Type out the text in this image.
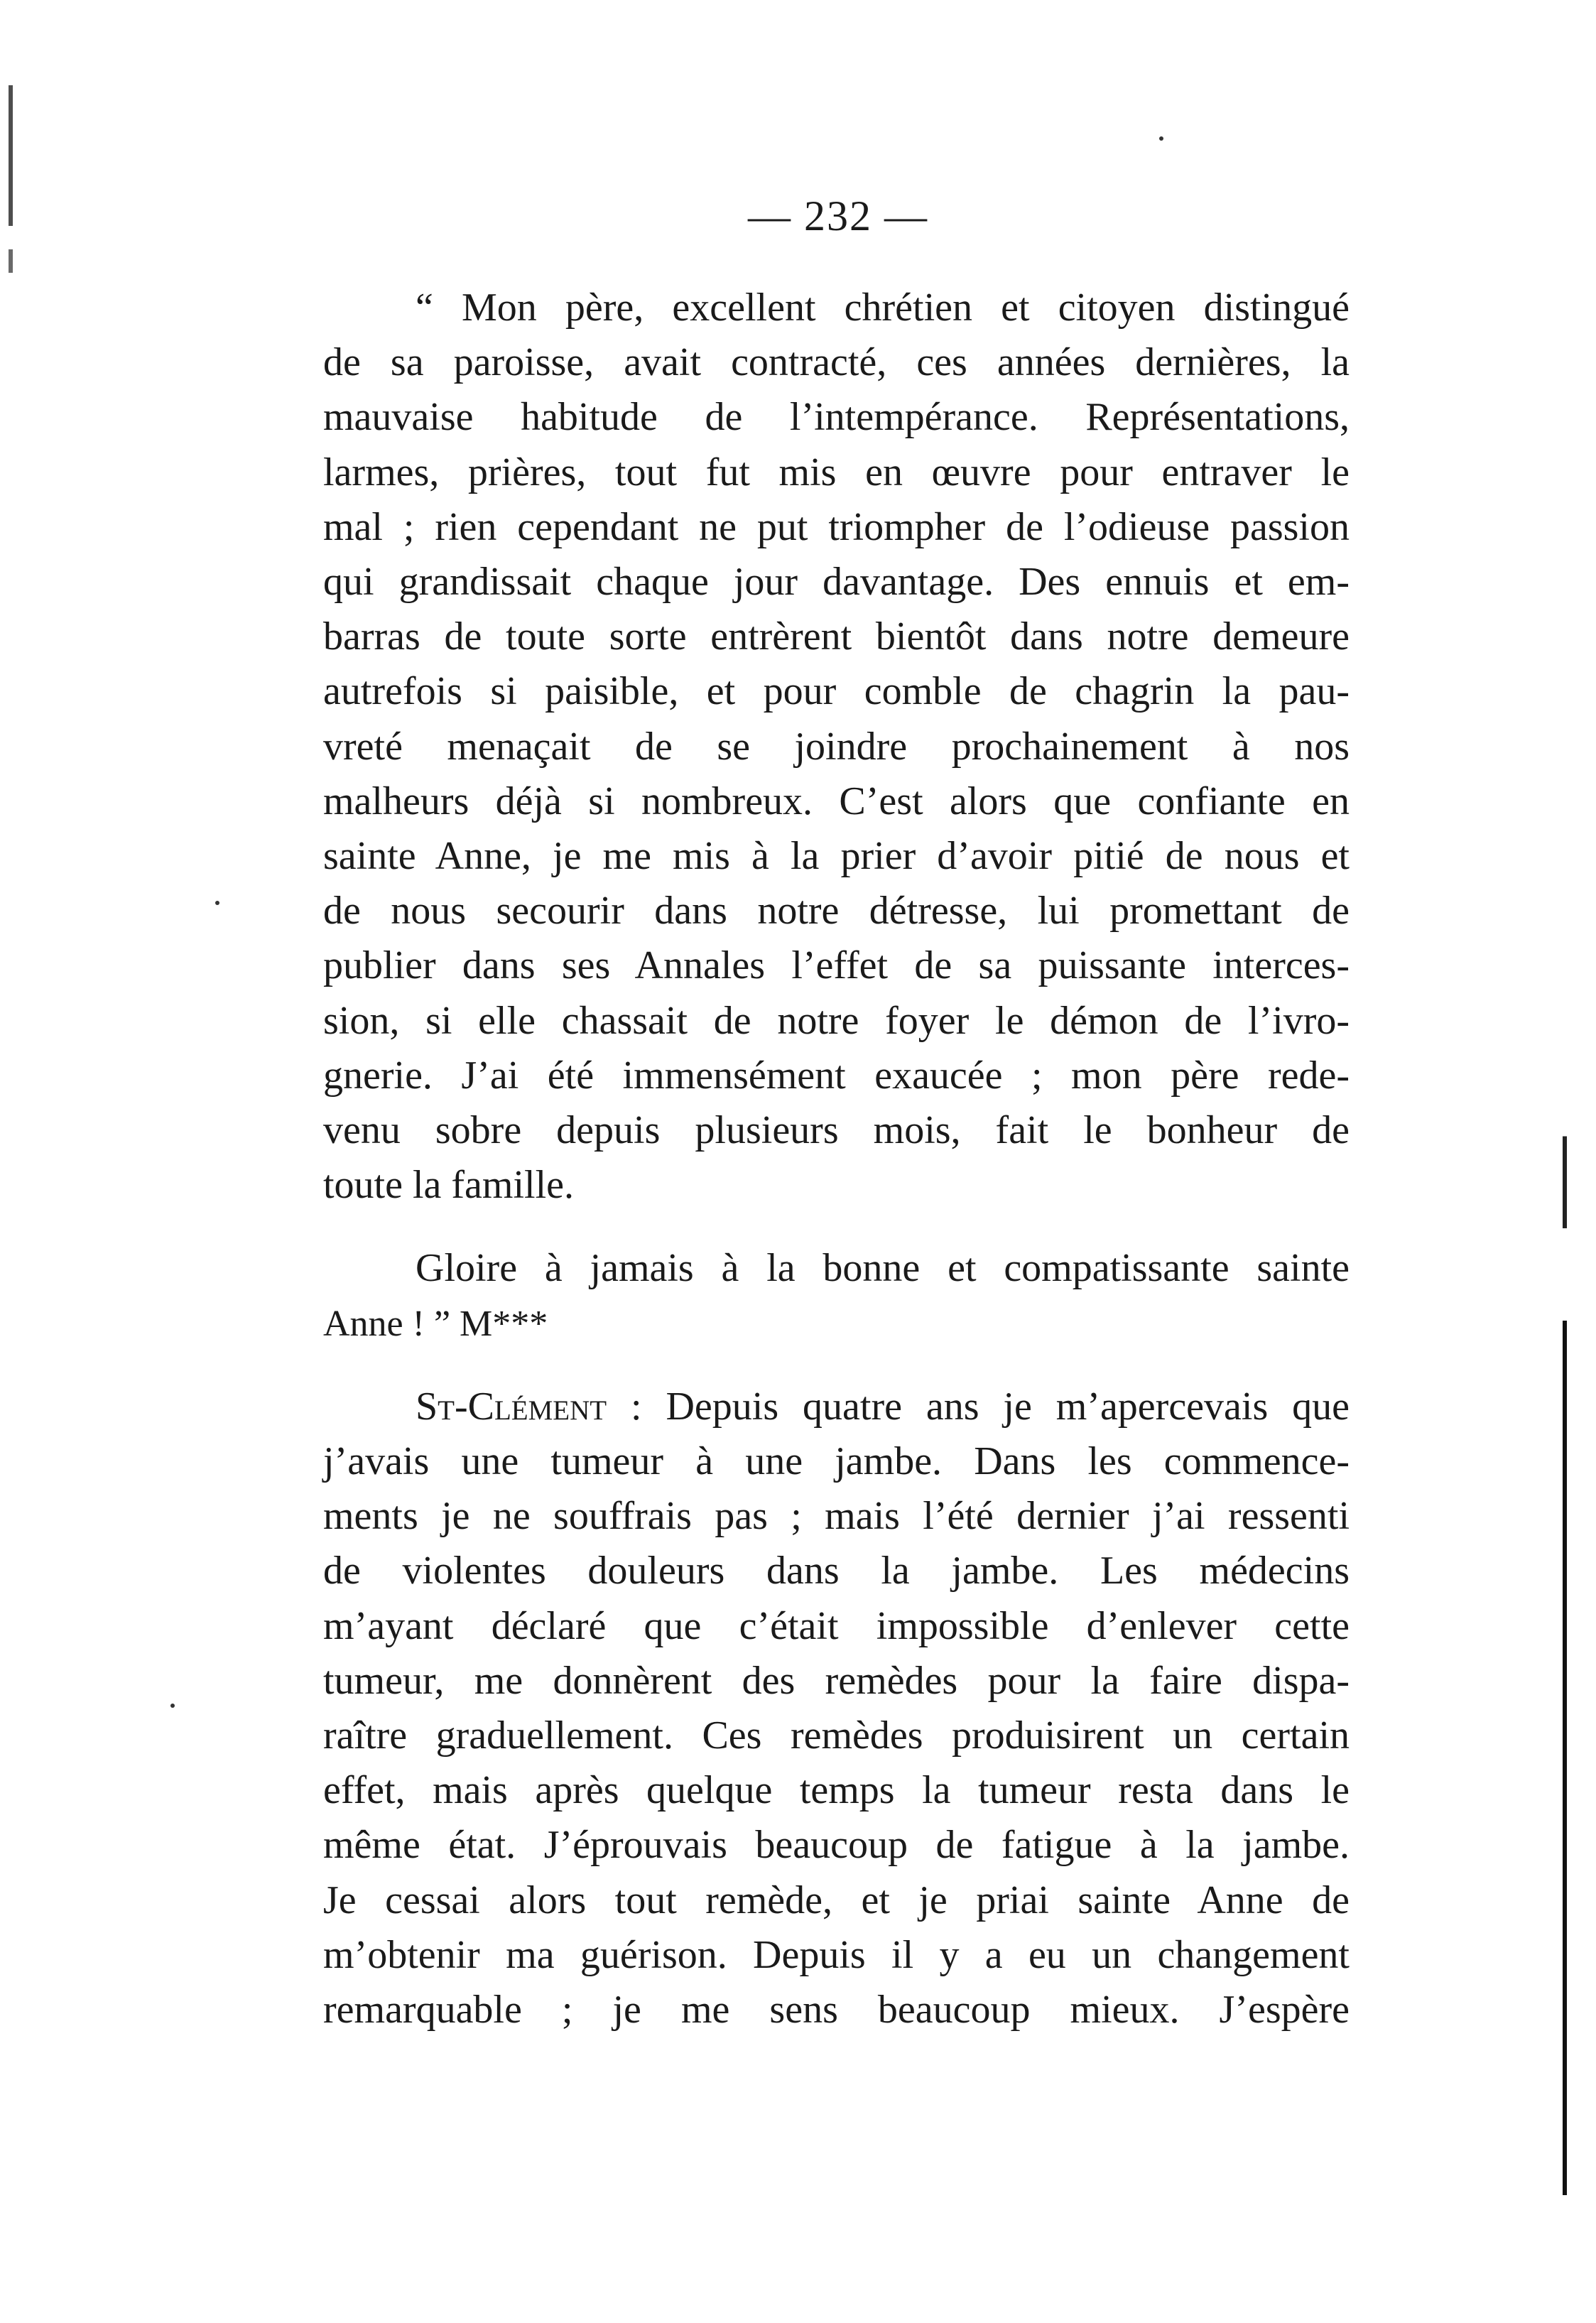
— 232 —

“ Mon père, excellent chrétien et citoyen distingué
de sa paroisse, avait contracté, ces années dernières, la
mauvaise habitude de l’intempérance. Représentations,
larmes, prières, tout fut mis en œuvre pour entraver le
mal ; rien cependant ne put triompher de l’odieuse passion
qui grandissait chaque jour davantage. Des ennuis et em-
barras de toute sorte entrèrent bientôt dans notre demeure
autrefois si paisible, et pour comble de chagrin la pau-
vreté menaçait de se joindre prochainement à nos
malheurs déjà si nombreux. C’est alors que confiante en
sainte Anne, je me mis à la prier d’avoir pitié de nous et
de nous secourir dans notre détresse, lui promettant de
publier dans ses Annales l’effet de sa puissante interces-
sion, si elle chassait de notre foyer le démon de l’ivro-
gnerie. J’ai été immensément exaucée ; mon père rede-
venu sobre depuis plusieurs mois, fait le bonheur de
toute la famille.

Gloire à jamais à la bonne et compatissante sainte
Anne ! ” M***

St-Clément : Depuis quatre ans je m’apercevais que
j’avais une tumeur à une jambe. Dans les commence-
ments je ne souffrais pas ; mais l’été dernier j’ai ressenti
de violentes douleurs dans la jambe. Les médecins
m’ayant déclaré que c’était impossible d’enlever cette
tumeur, me donnèrent des remèdes pour la faire dispa-
raître graduellement. Ces remèdes produisirent un certain
effet, mais après quelque temps la tumeur resta dans le
même état. J’éprouvais beaucoup de fatigue à la jambe.
Je cessai alors tout remède, et je priai sainte Anne de
m’obtenir ma guérison. Depuis il y a eu un changement
remarquable ; je me sens beaucoup mieux. J’espère
